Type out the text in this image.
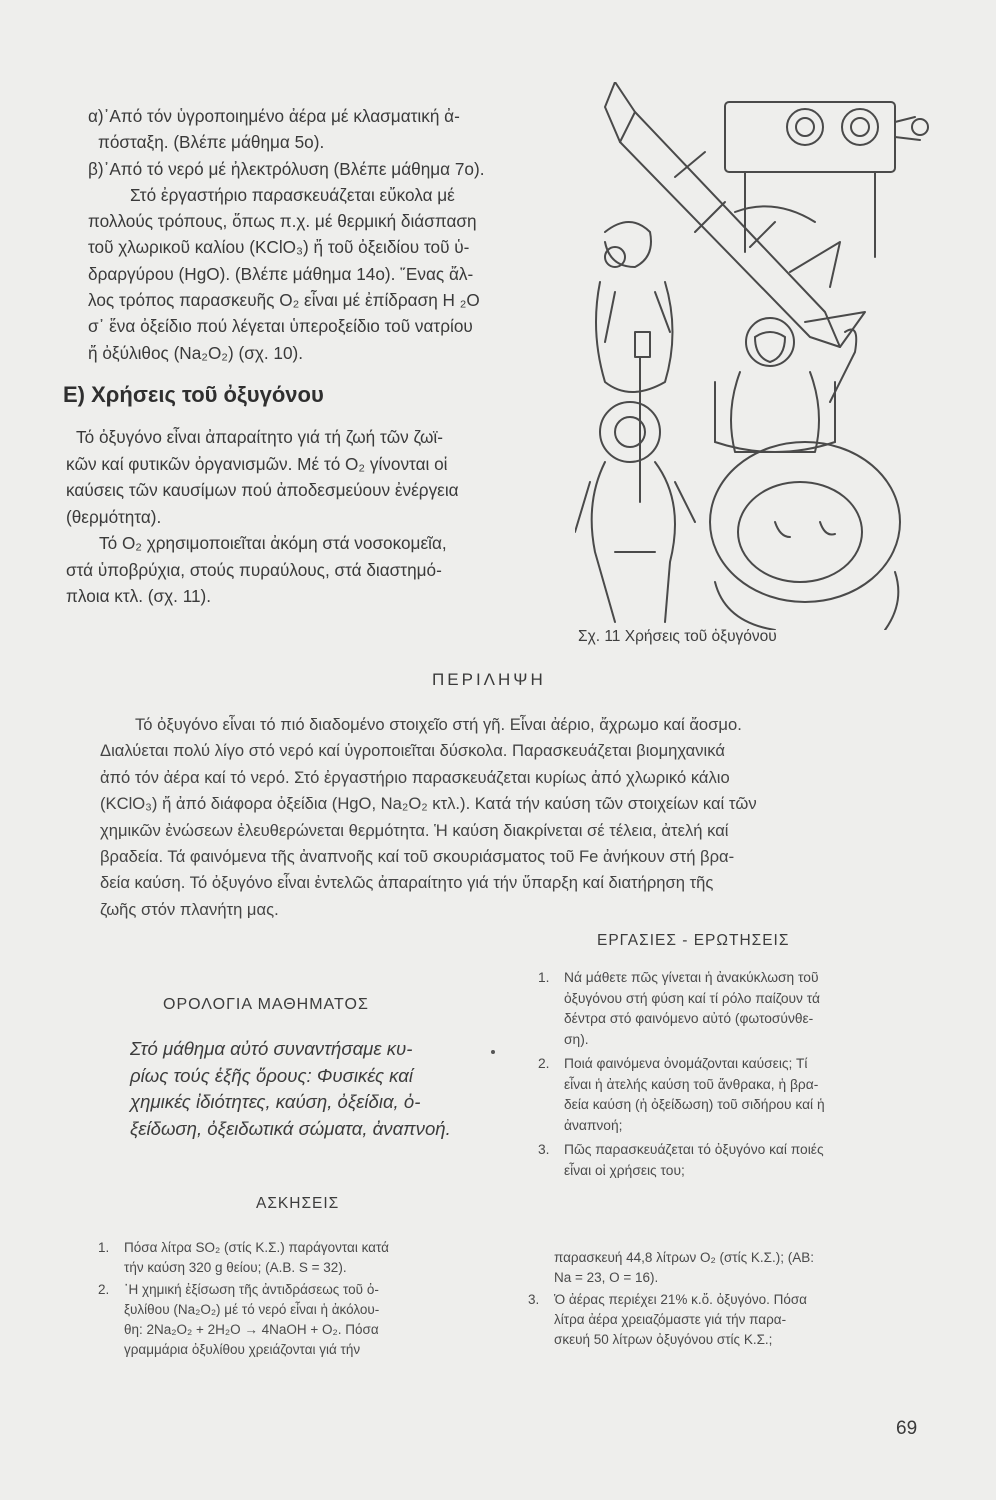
α)᾿Από τόν ὑγροποιημένο ἀέρα μέ κλασματική ἀ-
πόσταξη. (Βλέπε μάθημα 5ο).
β)᾿Από τό νερό μέ ἠλεκτρόλυση (Βλέπε μάθημα 7ο).
Στό ἐργαστήριο παρασκευάζεται εὔκολα μέ
πολλούς τρόπους, ὅπως π.χ. μέ θερμική διάσπαση
τοῦ χλωρικοῦ καλίου (KClO₃) ἤ τοῦ ὀξειδίου τοῦ ὑ-
δραργύρου (HgO). (Βλέπε μάθημα 14ο). ῞Ενας ἄλ-
λος τρόπος παρασκευῆς O₂ εἶναι μέ ἐπίδραση H ₂O
σ᾿ ἕνα ὀξείδιο πού λέγεται ὑπεροξείδιο τοῦ νατρίου
ἤ ὀξύλιθος (Na₂O₂) (σχ. 10).
Ε) Χρήσεις τοῦ ὀξυγόνου
Τό ὀξυγόνο εἶναι ἀπαραίτητο γιά τή ζωή τῶν ζωϊ-
κῶν καί φυτικῶν ὀργανισμῶν. Μέ τό O₂ γίνονται οἱ
καύσεις τῶν καυσίμων πού ἀποδεσμεύουν ἐνέργεια
(θερμότητα).
Τό O₂ χρησιμοποιεῖται ἀκόμη στά νοσοκομεῖα,
στά ὑποβρύχια, στούς πυραύλους, στά διαστημό-
πλοια κτλ. (σχ. 11).
Σχ. 11 Χρήσεις τοῦ ὀξυγόνου
ΠΕΡΙΛΗΨΗ
Τό ὀξυγόνο εἶναι τό πιό διαδομένο στοιχεῖο στή γῆ. Εἶναι ἀέριο, ἄχρωμο καί ἄοσμο.
Διαλύεται πολύ λίγο στό νερό καί ὑγροποιεῖται δύσκολα. Παρασκευάζεται βιομηχανικά
ἀπό τόν ἀέρα καί τό νερό. Στό ἐργαστήριο παρασκευάζεται κυρίως ἀπό χλωρικό κάλιο
(KClO₃) ἤ ἀπό διάφορα ὀξείδια (HgO, Na₂O₂ κτλ.). Κατά τήν καύση τῶν στοιχείων καί τῶν
χημικῶν ἐνώσεων ἐλευθερώνεται θερμότητα. Ἡ καύση διακρίνεται σέ τέλεια, ἀτελή καί
βραδεία. Τά φαινόμενα τῆς ἀναπνοῆς καί τοῦ σκουριάσματος τοῦ Fe ἀνήκουν στή βρα-
δεία καύση. Τό ὀξυγόνο εἶναι ἐντελῶς ἀπαραίτητο γιά τήν ὕπαρξη καί διατήρηση τῆς
ζωῆς στόν πλανήτη μας.
ΕΡΓΑΣΙΕΣ - ΕΡΩΤΗΣΕΙΣ
1.	Νά μάθετε πῶς γίνεται ἡ ἀνακύκλωση τοῦ
ὀξυγόνου στή φύση καί τί ρόλο παίζουν τά
δέντρα στό φαινόμενο αὐτό (φωτοσύνθε-
ση).
2.	Ποιά φαινόμενα ὀνομάζονται καύσεις; Τί
εἶναι ἡ ἀτελής καύση τοῦ ἄνθρακα, ἡ βρα-
δεία καύση (ἡ ὀξείδωση) τοῦ σιδήρου καί ἡ
ἀναπνοή;
3.	Πῶς παρασκευάζεται τό ὀξυγόνο καί ποιές
εἶναι οἱ χρήσεις του;
ΟΡΟΛΟΓΙΑ ΜΑΘΗΜΑΤΟΣ
Στό μάθημα αὐτό συναντήσαμε κυ-
ρίως τούς ἑξῆς ὅρους: Φυσικές καί
χημικές ἰδιότητες, καύση, ὀξείδια, ὀ-
ξείδωση, ὀξειδωτικά σώματα, ἀναπνοή.
ΑΣΚΗΣΕΙΣ
1.	Πόσα λίτρα SO₂ (στίς Κ.Σ.) παράγονται κατά
τήν καύση 320 g θείου; (Α.Β. S = 32).
2.	῾Η χημική ἐξίσωση τῆς ἀντιδράσεως τοῦ ὀ-
ξυλίθου (Na₂O₂) μέ τό νερό εἶναι ἡ ἀκόλου-
θη: 2Na₂O₂ + 2H₂O → 4NaOH + O₂. Πόσα
γραμμάρια ὀξυλίθου χρειάζονται γιά τήν
παρασκευή 44,8 λίτρων O₂ (στίς Κ.Σ.); (ΑΒ:
Na = 23, O = 16).
3.	Ὁ ἀέρας περιέχει 21% κ.ὄ. ὀξυγόνο. Πόσα
λίτρα ἀέρα χρειαζόμαστε γιά τήν παρα-
σκευή 50 λίτρων ὀξυγόνου στίς Κ.Σ.;
69
